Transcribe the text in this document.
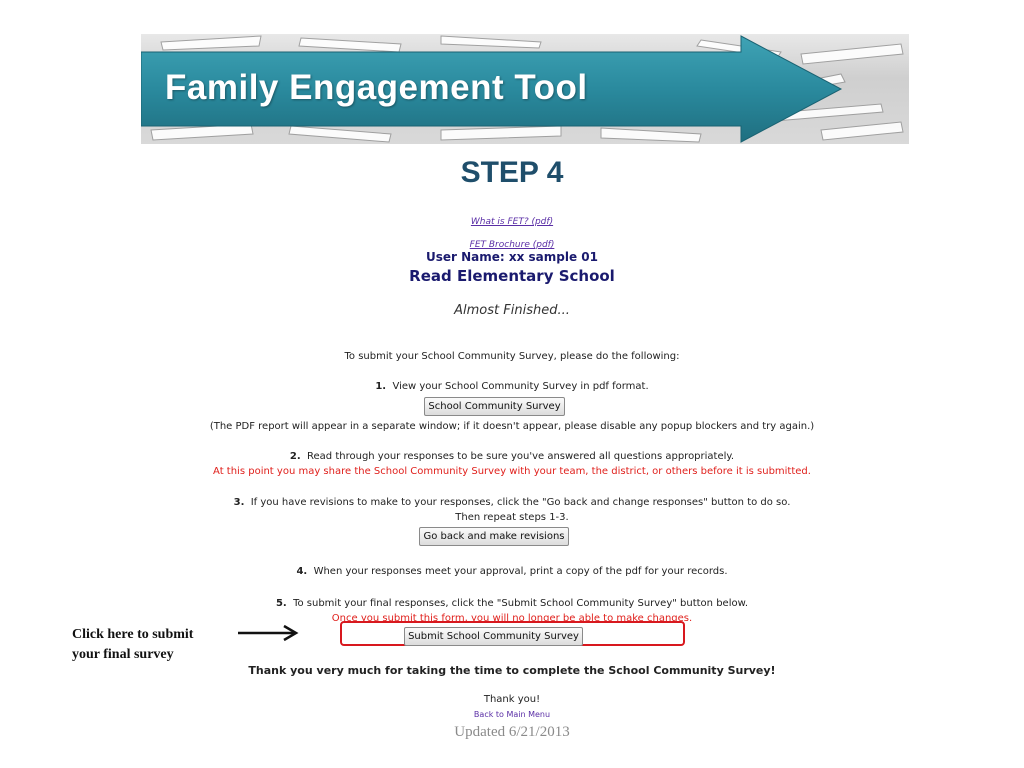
Family Engagement Tool
STEP 4
What is FET? (pdf)
FET Brochure (pdf)
User Name: xx sample 01
Read Elementary School
Almost Finished...
To submit your School Community Survey, please do the following:
1. View your School Community Survey in pdf format.
School Community Survey
(The PDF report will appear in a separate window; if it doesn't appear, please disable any popup blockers and try again.)
2. Read through your responses to be sure you've answered all questions appropriately.
At this point you may share the School Community Survey with your team, the district, or others before it is submitted.
3. If you have revisions to make to your responses, click the "Go back and change responses" button to do so.
Then repeat steps 1-3.
Go back and make revisions
4. When your responses meet your approval, print a copy of the pdf for your records.
5. To submit your final responses, click the "Submit School Community Survey" button below.
Once you submit this form, you will no longer be able to make changes.
Submit School Community Survey
Click here to submit
your final survey
Thank you very much for taking the time to complete the School Community Survey!
Thank you!
Back to Main Menu
Updated 6/21/2013
